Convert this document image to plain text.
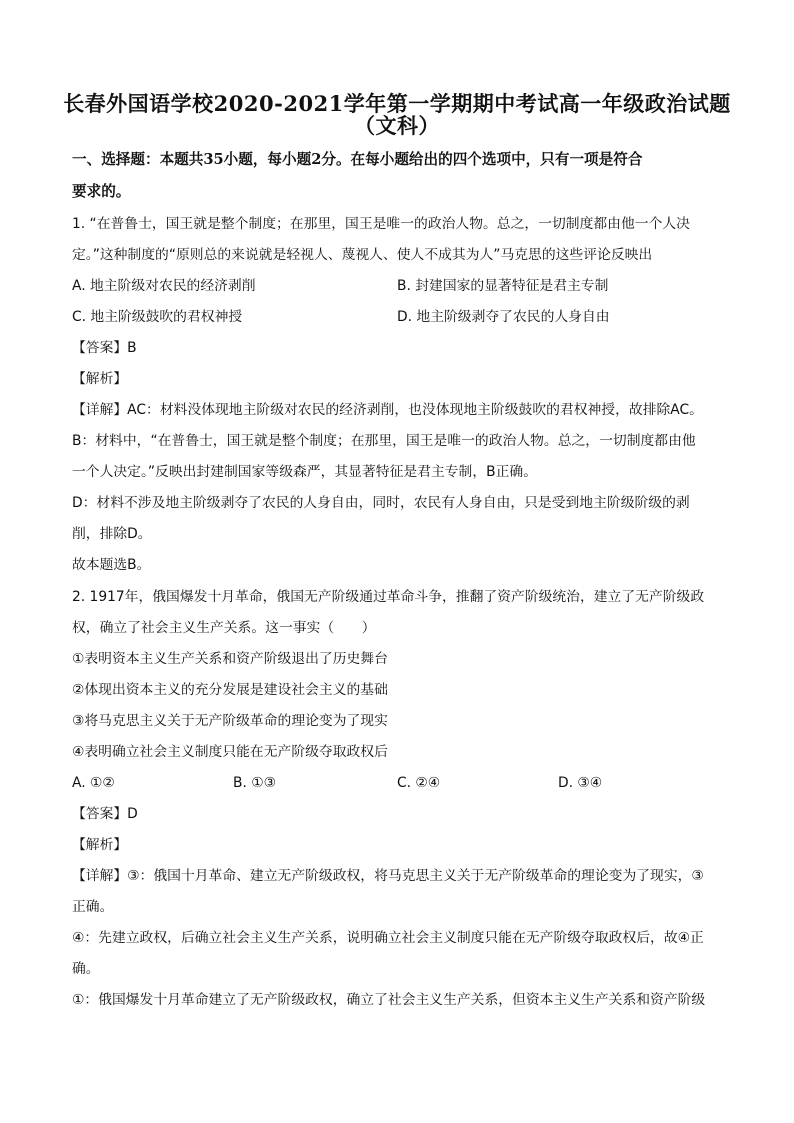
长春外国语学校2020-2021学年第一学期期中考试高一年级政治试题
（文科）
一、选择题：本题共35小题，每小题2分。在每小题给出的四个选项中，只有一项是符合
要求的。
1. “在普鲁士，国王就是整个制度；在那里，国王是唯一的政治人物。总之，一切制度都由他一个人决
定。”这种制度的“原则总的来说就是轻视人、蔑视人、使人不成其为人”马克思的这些评论反映出
A. 地主阶级对农民的经济剥削	B. 封建国家的显著特征是君主专制
C. 地主阶级鼓吹的君权神授	D. 地主阶级剥夺了农民的人身自由
【答案】B
【解析】
【详解】AC：材料没体现地主阶级对农民的经济剥削，也没体现地主阶级鼓吹的君权神授，故排除AC。
B：材料中，“在普鲁士，国王就是整个制度；在那里，国王是唯一的政治人物。总之，一切制度都由他
一个人决定。”反映出封建制国家等级森严，其显著特征是君主专制，B正确。
D：材料不涉及地主阶级剥夺了农民的人身自由，同时，农民有人身自由，只是受到地主阶级阶级的剥
削，排除D。
故本题选B。
2. 1917年，俄国爆发十月革命，俄国无产阶级通过革命斗争，推翻了资产阶级统治，建立了无产阶级政
权，确立了社会主义生产关系。这一事实（　　）
①表明资本主义生产关系和资产阶级退出了历史舞台
②体现出资本主义的充分发展是建设社会主义的基础
③将马克思主义关于无产阶级革命的理论变为了现实
④表明确立社会主义制度只能在无产阶级夺取政权后
A. ①②	B. ①③	C. ②④	D. ③④
【答案】D
【解析】
【详解】③：俄国十月革命、建立无产阶级政权，将马克思主义关于无产阶级革命的理论变为了现实，③
正确。
④：先建立政权，后确立社会主义生产关系，说明确立社会主义制度只能在无产阶级夺取政权后，故④正
确。
①：俄国爆发十月革命建立了无产阶级政权，确立了社会主义生产关系，但资本主义生产关系和资产阶级
